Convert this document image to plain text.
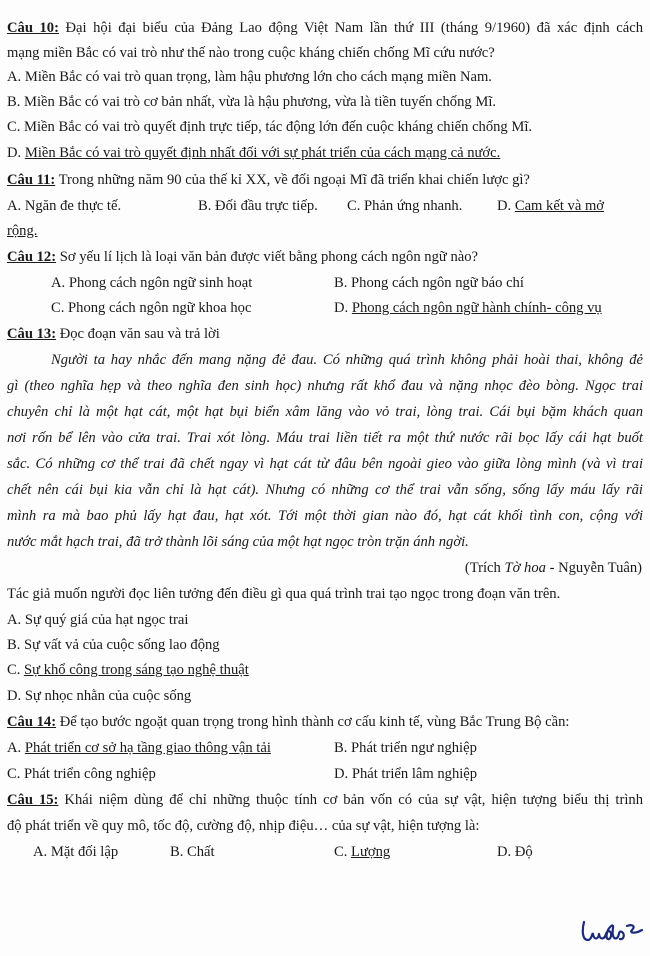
Câu 10: Đại hội đại biểu của Đảng Lao động Việt Nam lần thứ III (tháng 9/1960) đã xác định cách
mạng miền Bắc có vai trò như thế nào trong cuộc kháng chiến chống Mĩ cứu nước?
A. Miền Bắc có vai trò quan trọng, làm hậu phương lớn cho cách mạng miền Nam.
B. Miền Bắc có vai trò cơ bản nhất, vừa là hậu phương, vừa là tiền tuyến chống Mĩ.
C. Miền Bắc có vai trò quyết định trực tiếp, tác động lớn đến cuộc kháng chiến chống Mĩ.
D. Miền Bắc có vai trò quyết định nhất đối với sự phát triển của cách mạng cả nước.
Câu 11: Trong những năm 90 của thế kỉ XX, về đối ngoại Mĩ đã triển khai chiến lược gì?
A. Ngăn đe thực tế.	B. Đối đầu trực tiếp. C. Phản ứng nhanh. D. Cam kết và mở
rộng.
Câu 12: Sơ yếu lí lịch là loại văn bản được viết bằng phong cách ngôn ngữ nào?
A. Phong cách ngôn ngữ sinh hoạt	B. Phong cách ngôn ngữ báo chí
C. Phong cách ngôn ngữ khoa học	D. Phong cách ngôn ngữ hành chính- công vụ
Câu 13: Đọc đoạn văn sau và trả lời
Người ta hay nhắc đến mang nặng đẻ đau. Có những quá trình không phải hoài thai, không đẻ
gì (theo nghĩa hẹp và theo nghĩa đen sinh học) nhưng rất khổ đau và nặng nhọc đèo bòng. Ngọc trai
chuyên chỉ là một hạt cát, một hạt bụi biển xâm lăng vào vỏ trai, lòng trai. Cái bụi bặm khách quan
nơi rốn bể lên vào cửa trai. Trai xót lòng. Máu trai liền tiết ra một thứ nước rãi bọc lấy cái hạt buốt
sắc. Có những cơ thể trai đã chết ngay vì hạt cát từ đâu bên ngoài gieo vào giữa lòng mình (và vì trai
chết nên cái bụi kia vẫn chỉ là hạt cát). Nhưng có những cơ thể trai vẫn sống, sống lấy máu lấy rãi
mình ra mà bao phủ lấy hạt đau, hạt xót. Tới một thời gian nào đó, hạt cát khối tình con, cộng với
nước mắt hạch trai, đã trở thành lõi sáng của một hạt ngọc tròn trặn ánh ngời.
(Trích Tờ hoa - Nguyễn Tuân)
Tác giả muốn người đọc liên tưởng đến điều gì qua quá trình trai tạo ngọc trong đoạn văn trên.
A. Sự quý giá của hạt ngọc trai
B. Sự vất vả của cuộc sống lao động
C. Sự khổ công trong sáng tạo nghệ thuật
D. Sự nhọc nhằn của cuộc sống
Câu 14: Để tạo bước ngoặt quan trọng trong hình thành cơ cấu kinh tế, vùng Bắc Trung Bộ cần:
A. Phát triển cơ sở hạ tầng giao thông vận tải	B. Phát triển ngư nghiệp
C. Phát triển công nghiệp	D. Phát triển lâm nghiệp
Câu 15: Khái niệm dùng để chỉ những thuộc tính cơ bản vốn có của sự vật, hiện tượng biểu thị trình
độ phát triển về quy mô, tốc độ, cường độ, nhịp điệu… của sự vật, hiện tượng là:
A. Mặt đối lập	B. Chất	C. Lượng	D. Độ
